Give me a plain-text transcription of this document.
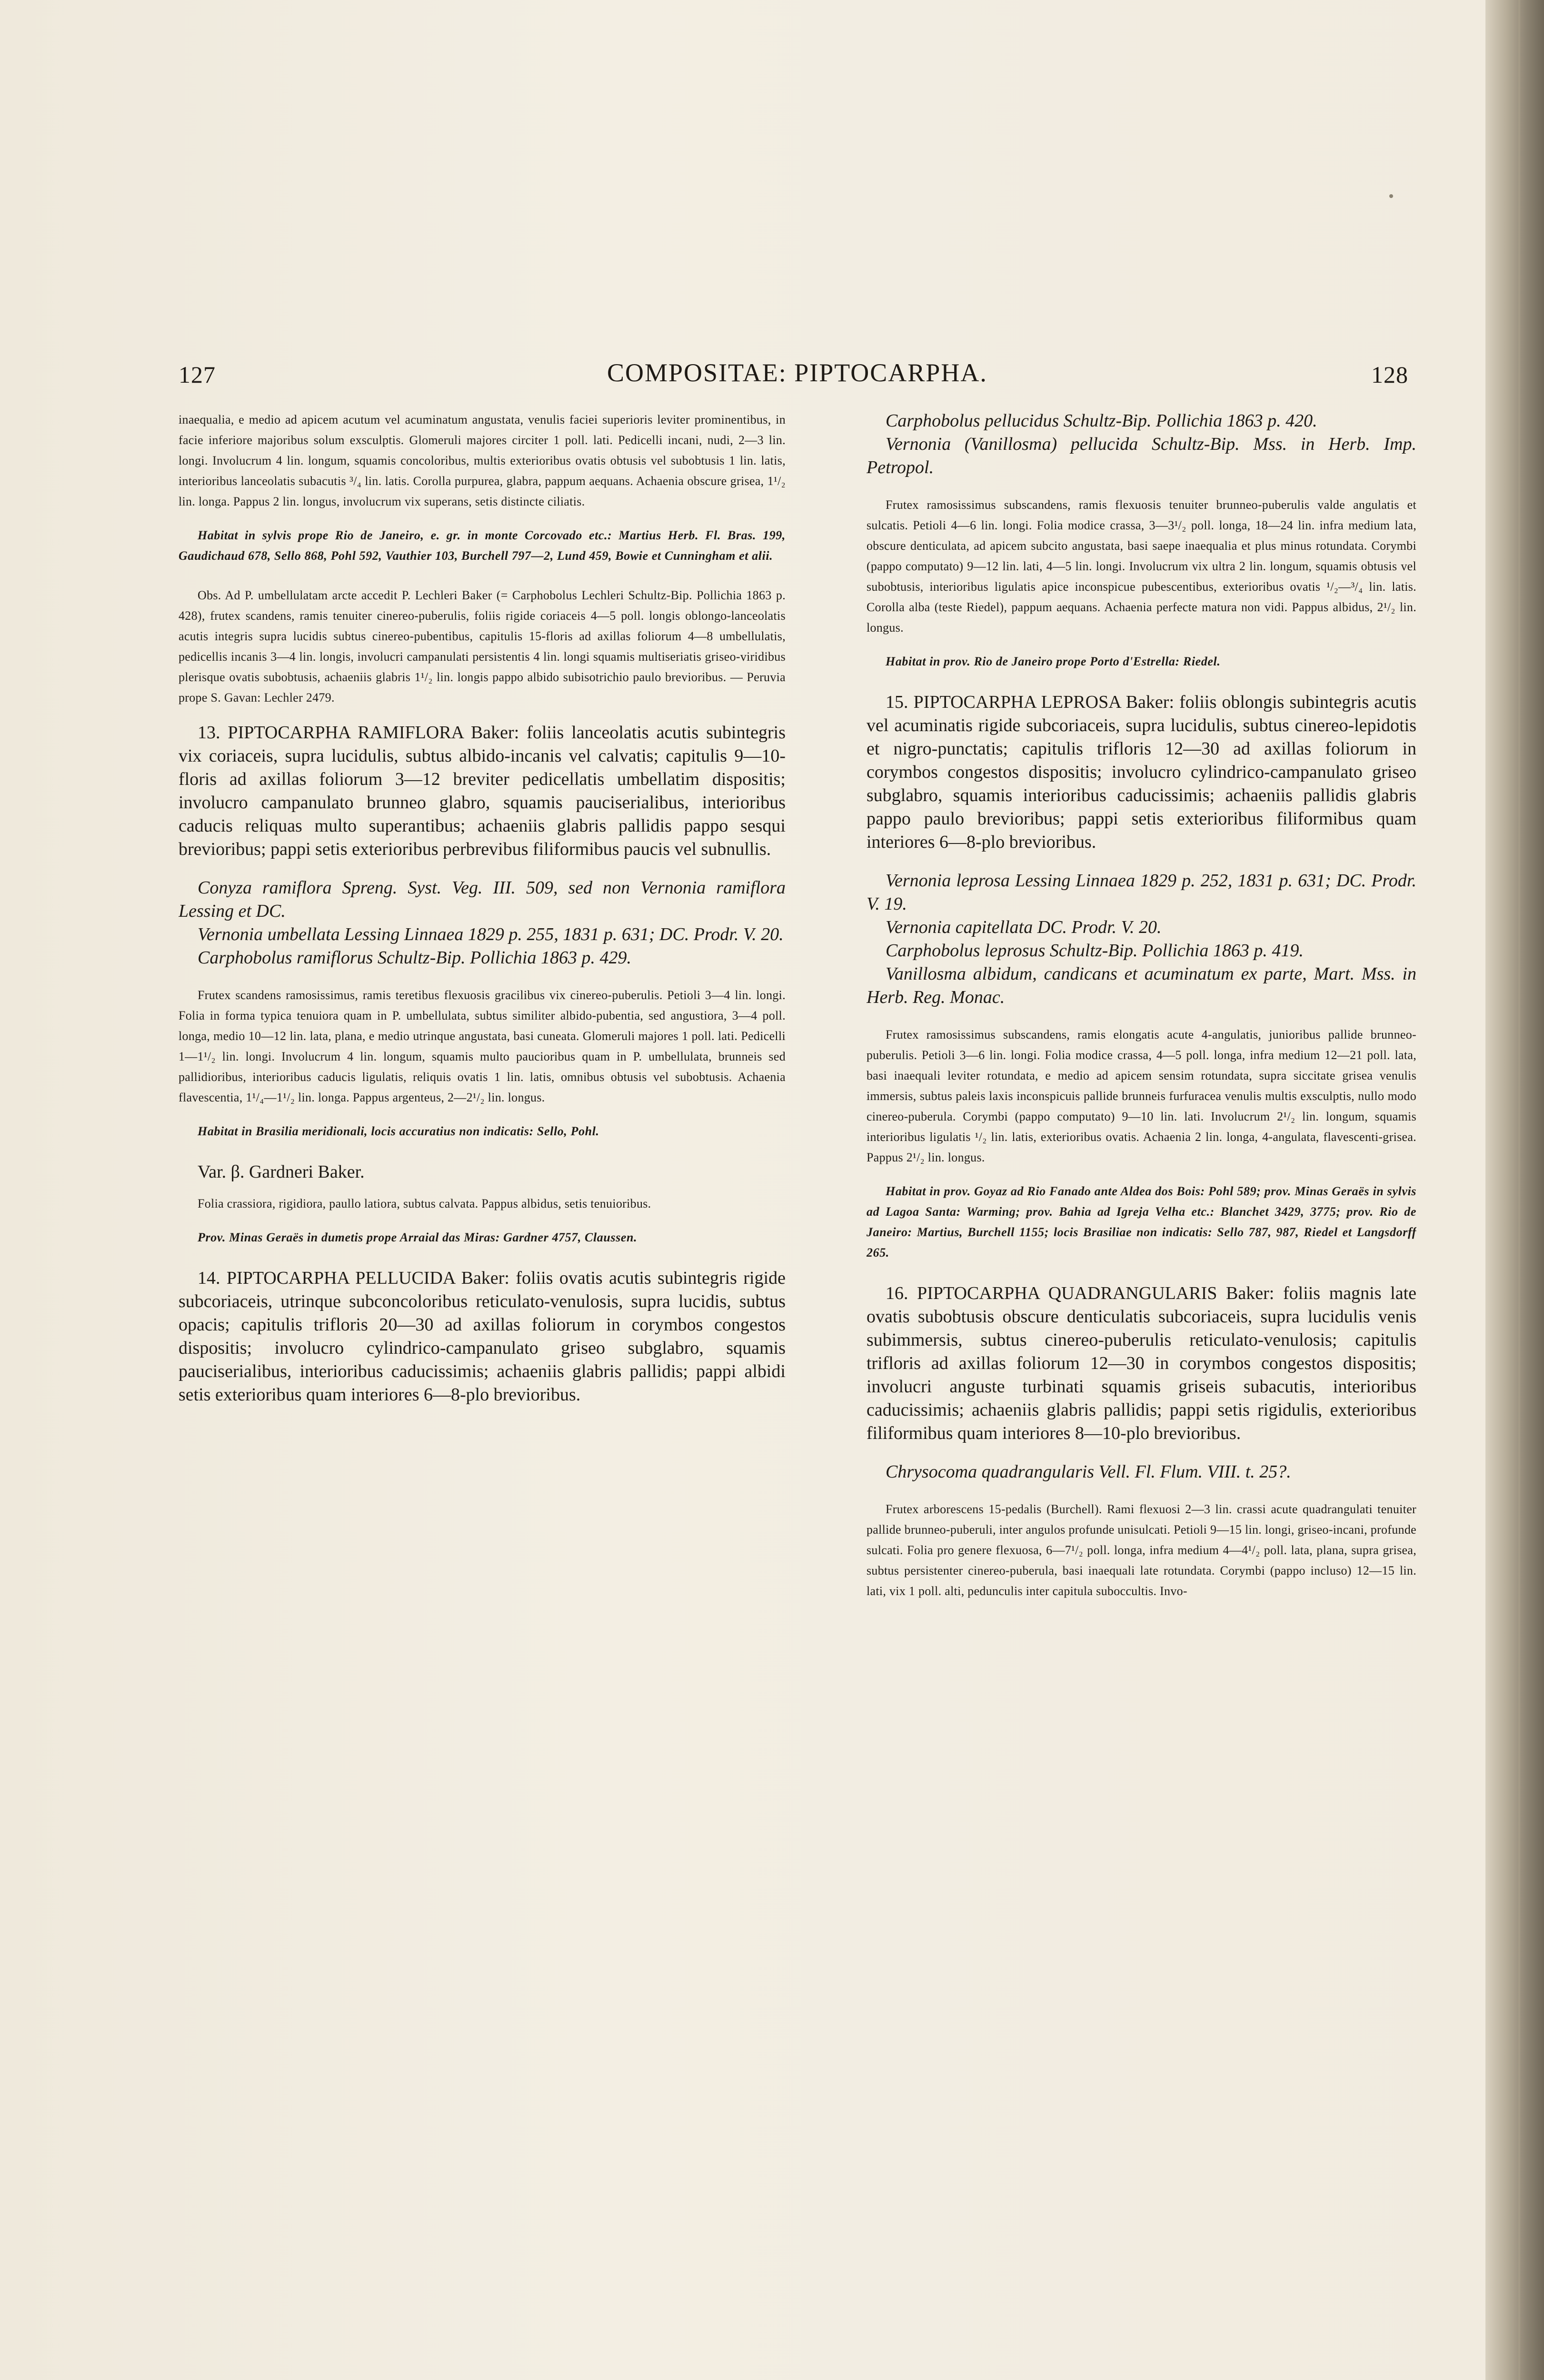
127	COMPOSITAE: PIPTOCARPHA.	128

inaequalia, e medio ad apicem acutum vel acuminatum angustata, venulis faciei superioris leviter prominentibus, in facie inferiore majoribus solum exsculptis. Glomeruli majores circiter 1 poll. lati. Pedicelli incani, nudi, 2—3 lin. longi. Involucrum 4 lin. longum, squamis concoloribus, multis exterioribus ovatis obtusis vel subobtusis 1 lin. latis, interioribus lanceolatis subacutis ³/₄ lin. latis. Corolla purpurea, glabra, pappum aequans. Achaenia obscure grisea, 1¹/₂ lin. longa. Pappus 2 lin. longus, involucrum vix superans, setis distincte ciliatis.

Habitat in sylvis prope Rio de Janeiro, e. gr. in monte Corcovado etc.: Martius Herb. Fl. Bras. 199, Gaudichaud 678, Sello 868, Pohl 592, Vauthier 103, Burchell 797—2, Lund 459, Bowie et Cunningham et alii.

Obs. Ad P. umbellulatam arcte accedit P. Lechleri Baker (= Carphobolus Lechleri Schultz-Bip. Pollichia 1863 p. 428), frutex scandens, ramis tenuiter cinereo-puberulis, foliis rigide coriaceis 4—5 poll. longis oblongo-lanceolatis acutis integris supra lucidis subtus cinereo-pubentibus, capitulis 15-floris ad axillas foliorum 4—8 umbellulatis, pedicellis incanis 3—4 lin. longis, involucri campanulati persistentis 4 lin. longi squamis multiseriatis griseo-viridibus plerisque ovatis subobtusis, achaeniis glabris 1¹/₂ lin. longis pappo albido subisotrichio paulo brevioribus. — Peruvia prope S. Gavan: Lechler 2479.

13. PIPTOCARPHA RAMIFLORA Baker: foliis lanceolatis acutis subintegris vix coriaceis, supra lucidulis, subtus albido-incanis vel calvatis; capitulis 9—10-floris ad axillas foliorum 3—12 breviter pedicellatis umbellatim dispositis; involucro campanulato brunneo glabro, squamis pauciserialibus, interioribus caducis reliquas multo superantibus; achaeniis glabris pallidis pappo sesqui brevioribus; pappi setis exterioribus perbrevibus filiformibus paucis vel subnullis.

Conyza ramiflora Spreng. Syst. Veg. III. 509, sed non Vernonia ramiflora Lessing et DC.
Vernonia umbellata Lessing Linnaea 1829 p. 255, 1831 p. 631; DC. Prodr. V. 20.
Carphobolus ramiflorus Schultz-Bip. Pollichia 1863 p. 429.

Frutex scandens ramosissimus, ramis teretibus flexuosis gracilibus vix cinereo-puberulis. Petioli 3—4 lin. longi. Folia in forma typica tenuiora quam in P. umbellulata, subtus similiter albido-pubentia, sed angustiora, 3—4 poll. longa, medio 10—12 lin. lata, plana, e medio utrinque angustata, basi cuneata. Glomeruli majores 1 poll. lati. Pedicelli 1—1¹/₂ lin. longi. Involucrum 4 lin. longum, squamis multo paucioribus quam in P. umbellulata, brunneis sed pallidioribus, interioribus caducis ligulatis, reliquis ovatis 1 lin. latis, omnibus obtusis vel subobtusis. Achaenia flavescentia, 1¹/₄—1¹/₂ lin. longa. Pappus argenteus, 2—2¹/₂ lin. longus.

Habitat in Brasilia meridionali, locis accuratius non indicatis: Sello, Pohl.

Var. β. Gardneri Baker.

Folia crassiora, rigidiora, paullo latiora, subtus calvata. Pappus albidus, setis tenuioribus.

Prov. Minas Geraës in dumetis prope Arraial das Miras: Gardner 4757, Claussen.

14. PIPTOCARPHA PELLUCIDA Baker: foliis ovatis acutis subintegris rigide subcoriaceis, utrinque subconcoloribus reticulato-venulosis, supra lucidis, subtus opacis; capitulis trifloris 20—30 ad axillas foliorum in corymbos congestos dispositis; involucro cylindrico-campanulato griseo subglabro, squamis pauciserialibus, interioribus caducissimis; achaeniis glabris pallidis; pappi albidi setis exterioribus quam interiores 6—8-plo brevioribus.

Carphobolus pellucidus Schultz-Bip. Pollichia 1863 p. 420.
Vernonia (Vanillosma) pellucida Schultz-Bip. Mss. in Herb. Imp. Petropol.

Frutex ramosissimus subscandens, ramis flexuosis tenuiter brunneo-puberulis valde angulatis et sulcatis. Petioli 4—6 lin. longi. Folia modice crassa, 3—3¹/₂ poll. longa, 18—24 lin. infra medium lata, obscure denticulata, ad apicem subcito angustata, basi saepe inaequalia et plus minus rotundata. Corymbi (pappo computato) 9—12 lin. lati, 4—5 lin. longi. Involucrum vix ultra 2 lin. longum, squamis obtusis vel subobtusis, interioribus ligulatis apice inconspicue pubescentibus, exterioribus ovatis ¹/₂—³/₄ lin. latis. Corolla alba (teste Riedel), pappum aequans. Achaenia perfecte matura non vidi. Pappus albidus, 2¹/₂ lin. longus.

Habitat in prov. Rio de Janeiro prope Porto d'Estrella: Riedel.

15. PIPTOCARPHA LEPROSA Baker: foliis oblongis subintegris acutis vel acuminatis rigide subcoriaceis, supra lucidulis, subtus cinereo-lepidotis et nigro-punctatis; capitulis trifloris 12—30 ad axillas foliorum in corymbos congestos dispositis; involucro cylindrico-campanulato griseo subglabro, squamis interioribus caducissimis; achaeniis pallidis glabris pappo paulo brevioribus; pappi setis exterioribus filiformibus quam interiores 6—8-plo brevioribus.

Vernonia leprosa Lessing Linnaea 1829 p. 252, 1831 p. 631; DC. Prodr. V. 19.
Vernonia capitellata DC. Prodr. V. 20.
Carphobolus leprosus Schultz-Bip. Pollichia 1863 p. 419.
Vanillosma albidum, candicans et acuminatum ex parte, Mart. Mss. in Herb. Reg. Monac.

Frutex ramosissimus subscandens, ramis elongatis acute 4-angulatis, junioribus pallide brunneo-puberulis. Petioli 3—6 lin. longi. Folia modice crassa, 4—5 poll. longa, infra medium 12—21 poll. lata, basi inaequali leviter rotundata, e medio ad apicem sensim rotundata, supra siccitate grisea venulis immersis, subtus paleis laxis inconspicuis pallide brunneis furfuracea venulis multis exsculptis, nullo modo cinereo-puberula. Corymbi (pappo computato) 9—10 lin. lati. Involucrum 2¹/₂ lin. longum, squamis interioribus ligulatis ¹/₂ lin. latis, exterioribus ovatis. Achaenia 2 lin. longa, 4-angulata, flavescenti-grisea. Pappus 2¹/₂ lin. longus.

Habitat in prov. Goyaz ad Rio Fanado ante Aldea dos Bois: Pohl 589; prov. Minas Geraës in sylvis ad Lagoa Santa: Warming; prov. Bahia ad Igreja Velha etc.: Blanchet 3429, 3775; prov. Rio de Janeiro: Martius, Burchell 1155; locis Brasiliae non indicatis: Sello 787, 987, Riedel et Langsdorff 265.

16. PIPTOCARPHA QUADRANGULARIS Baker: foliis magnis late ovatis subobtusis obscure denticulatis subcoriaceis, supra lucidulis venis subimmersis, subtus cinereo-puberulis reticulato-venulosis; capitulis trifloris ad axillas foliorum 12—30 in corymbos congestos dispositis; involucri angustе turbinati squamis griseis subacutis, interioribus caducissimis; achaeniis glabris pallidis; pappi setis rigidulis, exterioribus filiformibus quam interiores 8—10-plo brevioribus.

Chrysocoma quadrangularis Vell. Fl. Flum. VIII. t. 25?.

Frutex arborescens 15-pedalis (Burchell). Rami flexuosi 2—3 lin. crassi acute quadrangulati tenuiter pallide brunneo-puberuli, inter angulos profunde unisulcati. Petioli 9—15 lin. longi, griseo-incani, profunde sulcati. Folia pro genere flexuosa, 6—7¹/₂ poll. longa, infra medium 4—4¹/₂ poll. lata, plana, supra grisea, subtus persistenter cinereo-puberula, basi inaequali late rotundata. Corymbi (pappo incluso) 12—15 lin. lati, vix 1 poll. alti, pedunculis inter capitula suboccultis. Invo-
